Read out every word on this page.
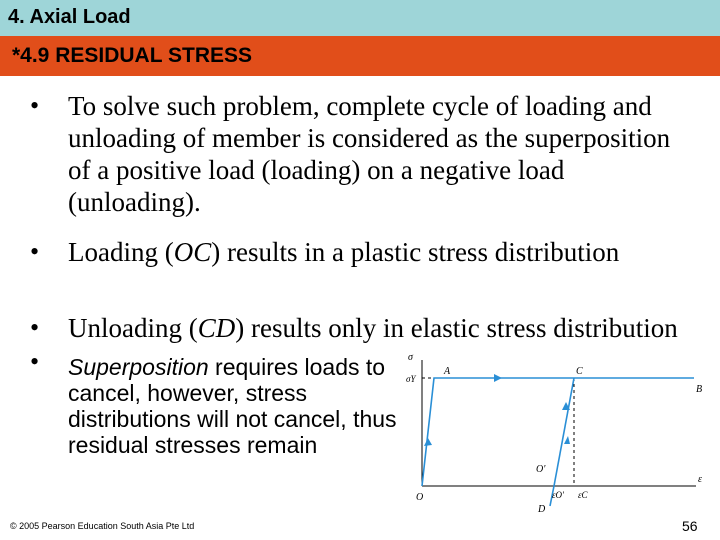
4. Axial Load
*4.9 RESIDUAL STRESS
• To solve such problem, complete cycle of loading and unloading of member is considered as the superposition of a positive load (loading) on a negative load (unloading).
• Loading (OC) results in a plastic stress distribution
• Unloading (CD) results only in elastic stress distribution
• Superposition requires loads to cancel, however, stress distributions will not cancel, thus residual stresses remain
σ
σY
A	C
B
O
O'
ε
εO' εC
D
© 2005 Pearson Education South Asia Pte Ltd	56
